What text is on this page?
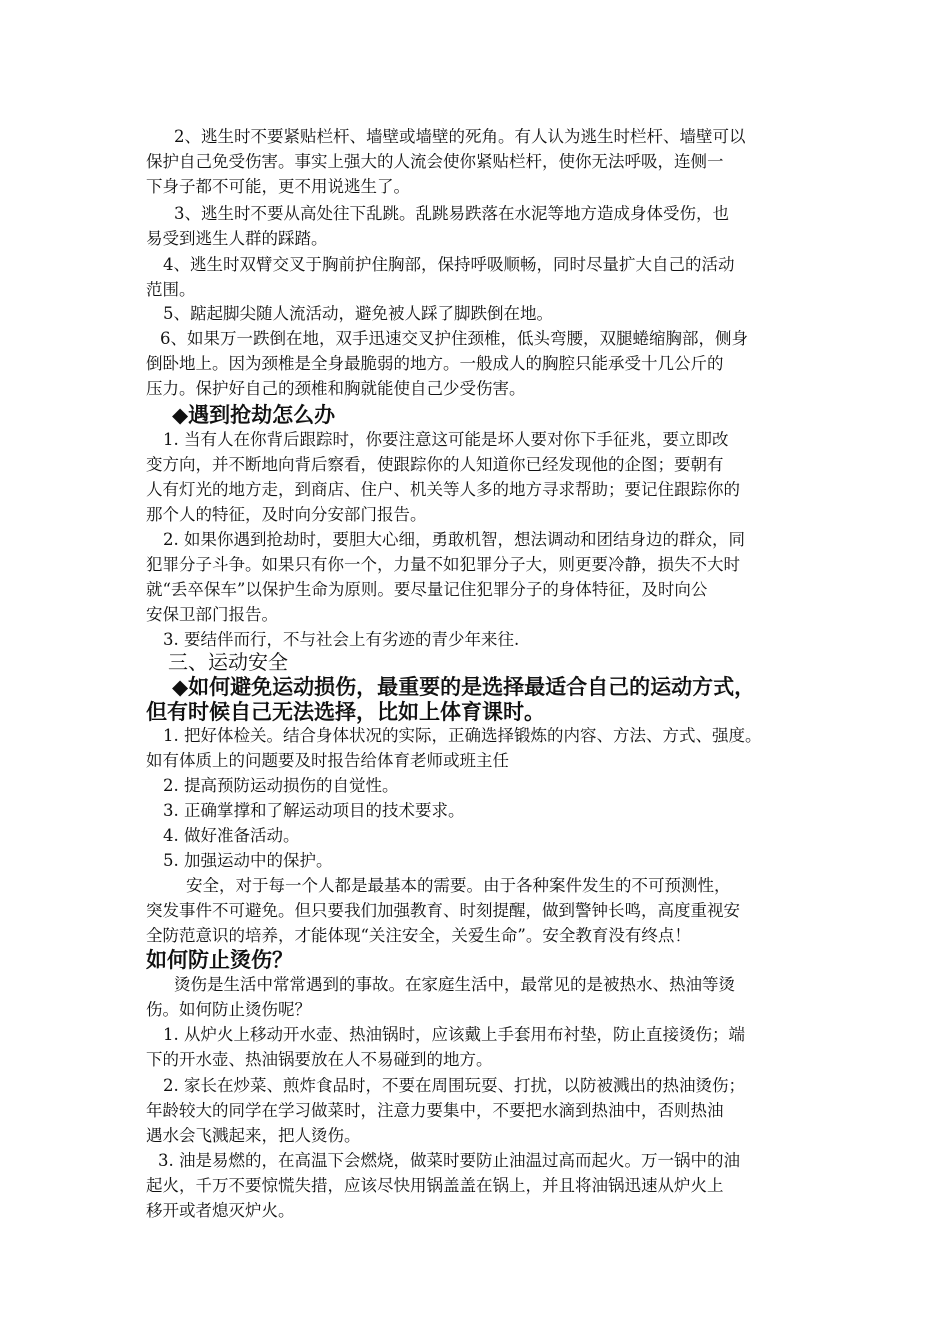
2、逃生时不要紧贴栏杆、墙壁或墙壁的死角。有人认为逃生时栏杆、墙壁可以
保护自己免受伤害。事实上强大的人流会使你紧贴栏杆，使你无法呼吸，连侧一
下身子都不可能，更不用说逃生了。
3、逃生时不要从高处往下乱跳。乱跳易跌落在水泥等地方造成身体受伤，也
易受到逃生人群的踩踏。
4、逃生时双臂交叉于胸前护住胸部，保持呼吸顺畅，同时尽量扩大自己的活动
范围。
5、踮起脚尖随人流活动，避免被人踩了脚跌倒在地。
6、如果万一跌倒在地，双手迅速交叉护住颈椎，低头弯腰，双腿蜷缩胸部，侧身
倒卧地上。因为颈椎是全身最脆弱的地方。一般成人的胸腔只能承受十几公斤的
压力。保护好自己的颈椎和胸就能使自己少受伤害。
◆遇到抢劫怎么办
1. 当有人在你背后跟踪时，你要注意这可能是坏人要对你下手征兆，要立即改
变方向，并不断地向背后察看，使跟踪你的人知道你已经发现他的企图；要朝有
人有灯光的地方走，到商店、住户、机关等人多的地方寻求帮助；要记住跟踪你的
那个人的特征，及时向分安部门报告。
2. 如果你遇到抢劫时，要胆大心细，勇敢机智，想法调动和团结身边的群众，同
犯罪分子斗争。如果只有你一个，力量不如犯罪分子大，则更要冷静，损失不大时
就“丢卒保车”以保护生命为原则。要尽量记住犯罪分子的身体特征，及时向公
安保卫部门报告。
3. 要结伴而行，不与社会上有劣迹的青少年来往.
三、运动安全
◆如何避免运动损伤，最重要的是选择最适合自己的运动方式，
但有时候自己无法选择，比如上体育课时。
1. 把好体检关。结合身体状况的实际，正确选择锻炼的内容、方法、方式、强度。
如有体质上的问题要及时报告给体育老师或班主任
2. 提高预防运动损伤的自觉性。
3. 正确掌撑和了解运动项目的技术要求。
4. 做好准备活动。
5. 加强运动中的保护。
安全，对于每一个人都是最基本的需要。由于各种案件发生的不可预测性，
突发事件不可避免。但只要我们加强教育、时刻提醒，做到警钟长鸣，高度重视安
全防范意识的培养，才能体现“关注安全，关爱生命”。安全教育没有终点！
如何防止烫伤？
烫伤是生活中常常遇到的事故。在家庭生活中，最常见的是被热水、热油等烫
伤。如何防止烫伤呢？
1. 从炉火上移动开水壶、热油锅时，应该戴上手套用布衬垫，防止直接烫伤；端
下的开水壶、热油锅要放在人不易碰到的地方。
2. 家长在炒菜、煎炸食品时，不要在周围玩耍、打扰，以防被溅出的热油烫伤；
年龄较大的同学在学习做菜时，注意力要集中，不要把水滴到热油中，否则热油
遇水会飞溅起来，把人烫伤。
3. 油是易燃的，在高温下会燃烧，做菜时要防止油温过高而起火。万一锅中的油
起火，千万不要惊慌失措，应该尽快用锅盖盖在锅上，并且将油锅迅速从炉火上
移开或者熄灭炉火。
